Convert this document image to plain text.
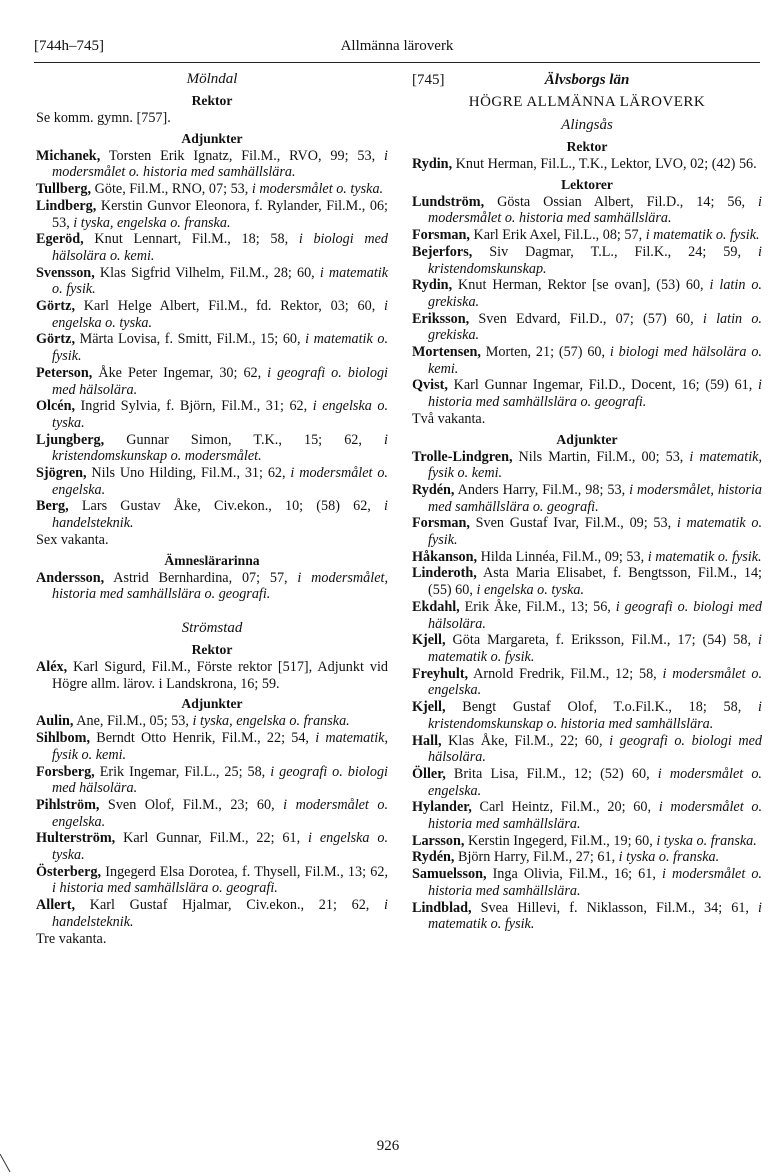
[744h–745]	Allmänna läroverk
Mölndal
Rektor

Se komm. gymn. [757].

Adjunkter

Michanek, Torsten Erik Ignatz, Fil.M., RVO, 99; 53, i modersmålet o. historia med samhällslära.

Tullberg, Göte, Fil.M., RNO, 07; 53, i modersmålet o. tyska.

Lindberg, Kerstin Gunvor Eleonora, f. Rylander, Fil.M., 06; 53, i tyska, engelska o. franska.

Egeröd, Knut Lennart, Fil.M., 18; 58, i biologi med hälsolära o. kemi.

Svensson, Klas Sigfrid Vilhelm, Fil.M., 28; 60, i matematik o. fysik.

Görtz, Karl Helge Albert, Fil.M., fd. Rektor, 03; 60, i engelska o. tyska.

Görtz, Märta Lovisa, f. Smitt, Fil.M., 15; 60, i matematik o. fysik.

Peterson, Åke Peter Ingemar, 30; 62, i geografi o. biologi med hälsolära.

Olcén, Ingrid Sylvia, f. Björn, Fil.M., 31; 62, i engelska o. tyska.

Ljungberg, Gunnar Simon, T.K., 15; 62, i kristendomskunskap o. modersmålet.

Sjögren, Nils Uno Hilding, Fil.M., 31; 62, i modersmålet o. engelska.

Berg, Lars Gustav Åke, Civ.ekon., 10; (58) 62, i handelsteknik.

Sex vakanta.

Ämneslärarinna

Andersson, Astrid Bernhardina, 07; 57, i modersmålet, historia med samhällslära o. geografi.

Strömstad
Rektor

Aléx, Karl Sigurd, Fil.M., Förste rektor [517], Adjunkt vid Högre allm. lärov. i Landskrona, 16; 59.

Adjunkter

Aulin, Ane, Fil.M., 05; 53, i tyska, engelska o. franska.

Sihlbom, Berndt Otto Henrik, Fil.M., 22; 54, i matematik, fysik o. kemi.

Forsberg, Erik Ingemar, Fil.L., 25; 58, i geografi o. biologi med hälsolära.

Pihlström, Sven Olof, Fil.M., 23; 60, i modersmålet o. engelska.

Hulterström, Karl Gunnar, Fil.M., 22; 61, i engelska o. tyska.

Österberg, Ingegerd Elsa Dorotea, f. Thysell, Fil.M., 13; 62, i historia med samhällslära o. geografi.

Allert, Karl Gustaf Hjalmar, Civ.ekon., 21; 62, i handelsteknik.

Tre vakanta.

[745]	Älvsborgs län
HÖGRE ALLMÄNNA LÄROVERK
Alingsås
Rektor

Rydin, Knut Herman, Fil.L., T.K., Lektor, LVO, 02; (42) 56.

Lektorer

Lundström, Gösta Ossian Albert, Fil.D., 14; 56, i modersmålet o. historia med samhällslära.

Forsman, Karl Erik Axel, Fil.L., 08; 57, i matematik o. fysik.

Bejerfors, Siv Dagmar, T.L., Fil.K., 24; 59, i kristendomskunskap.

Rydin, Knut Herman, Rektor [se ovan], (53) 60, i latin o. grekiska.

Eriksson, Sven Edvard, Fil.D., 07; (57) 60, i latin o. grekiska.

Mortensen, Morten, 21; (57) 60, i biologi med hälsolära o. kemi.

Qvist, Karl Gunnar Ingemar, Fil.D., Docent, 16; (59) 61, i historia med samhällslära o. geografi.

Två vakanta.

Adjunkter

Trolle-Lindgren, Nils Martin, Fil.M., 00; 53, i matematik, fysik o. kemi.

Rydén, Anders Harry, Fil.M., 98; 53, i modersmålet, historia med samhällslära o. geografi.

Forsman, Sven Gustaf Ivar, Fil.M., 09; 53, i matematik o. fysik.

Håkanson, Hilda Linnéa, Fil.M., 09; 53, i matematik o. fysik.

Linderoth, Asta Maria Elisabet, f. Bengtsson, Fil.M., 14; (55) 60, i engelska o. tyska.

Ekdahl, Erik Åke, Fil.M., 13; 56, i geografi o. biologi med hälsolära.

Kjell, Göta Margareta, f. Eriksson, Fil.M., 17; (54) 58, i matematik o. fysik.

Freyhult, Arnold Fredrik, Fil.M., 12; 58, i modersmålet o. engelska.

Kjell, Bengt Gustaf Olof, T.o.Fil.K., 18; 58, i kristendomskunskap o. historia med samhällslära.

Hall, Klas Åke, Fil.M., 22; 60, i geografi o. biologi med hälsolära.

Öller, Brita Lisa, Fil.M., 12; (52) 60, i modersmålet o. engelska.

Hylander, Carl Heintz, Fil.M., 20; 60, i modersmålet o. historia med samhällslära.

Larsson, Kerstin Ingegerd, Fil.M., 19; 60, i tyska o. franska.

Rydén, Björn Harry, Fil.M., 27; 61, i tyska o. franska.

Samuelsson, Inga Olivia, Fil.M., 16; 61, i modersmålet o. historia med samhällslära.

Lindblad, Svea Hillevi, f. Niklasson, Fil.M., 34; 61, i matematik o. fysik.

926
